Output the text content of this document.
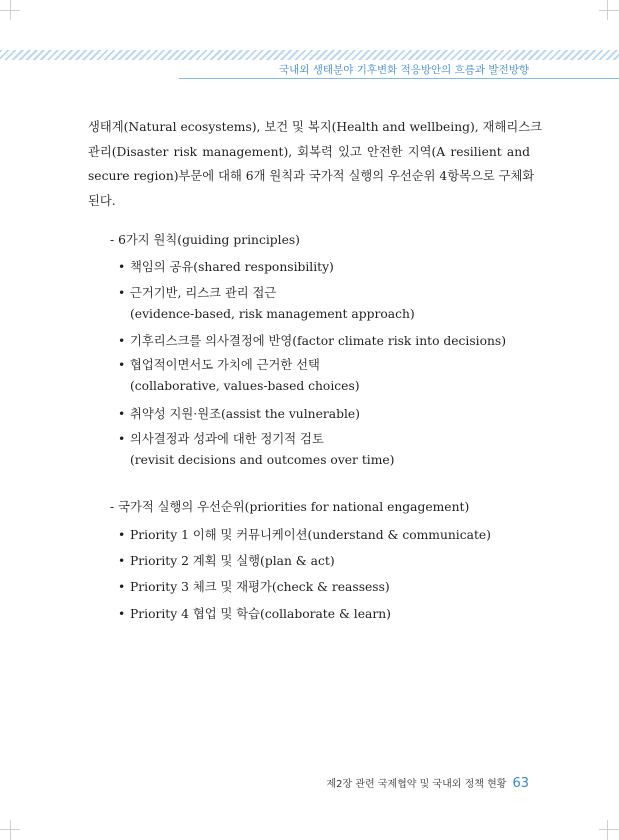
국내외 생태분야 기후변화 적응방안의 흐름과 발전방향

생태계(Natural ecosystems), 보건 및 복지(Health and wellbeing), 재해리스크
관리(Disaster risk management), 회복력 있고 안전한 지역(A resilient and
secure region)부문에 대해 6개 원칙과 국가적 실행의 우선순위 4항목으로 구체화
된다.

- 6가지 원칙(guiding principles)
• 책임의 공유(shared responsibility)
• 근거기반, 리스크 관리 접근
(evidence-based, risk management approach)
• 기후리스크를 의사결정에 반영(factor climate risk into decisions)
• 협업적이면서도 가치에 근거한 선택
(collaborative, values-based choices)
• 취약성 지원·원조(assist the vulnerable)
• 의사결정과 성과에 대한 정기적 검토
(revisit decisions and outcomes over time)
- 국가적 실행의 우선순위(priorities for national engagement)
• Priority 1 이해 및 커뮤니케이션(understand & communicate)
• Priority 2 계획 및 실행(plan & act)
• Priority 3 체크 및 재평가(check & reassess)
• Priority 4 협업 및 학습(collaborate & learn)
제2장 관련 국제협약 및 국내외 정책 현황 63
